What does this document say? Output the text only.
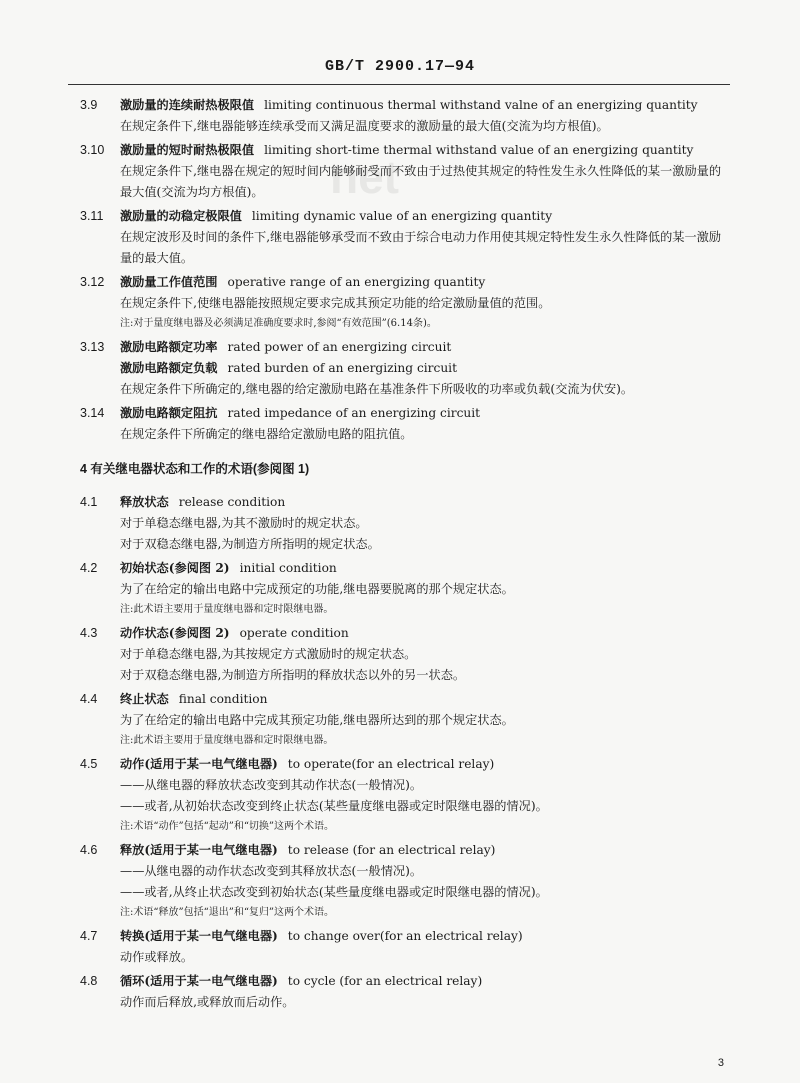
net
GB/T 2900.17—94
3.9	激励量的连续耐热极限值 limiting continuous thermal withstand valne of an energizing quantity
在规定条件下,继电器能够连续承受而又满足温度要求的激励量的最大值(交流为均方根值)。
3.10	激励量的短时耐热极限值 limiting short-time thermal withstand value of an energizing quantity
在规定条件下,继电器在规定的短时间内能够耐受而不致由于过热使其规定的特性发生永久性降低的某一激励量的最大值(交流为均方根值)。
3.11	激励量的动稳定极限值 limiting dynamic value of an energizing quantity
在规定波形及时间的条件下,继电器能够承受而不致由于综合电动力作用使其规定特性发生永久性降低的某一激励量的最大值。
3.12	激励量工作值范围 operative range of an energizing quantity
在规定条件下,使继电器能按照规定要求完成其预定功能的给定激励量值的范围。
注:对于量度继电器及必须满足准确度要求时,参阅“有效范围”(6.14条)。
3.13	激励电路额定功率 rated power of an energizing circuit
激励电路额定负载 rated burden of an energizing circuit
在规定条件下所确定的,继电器的给定激励电路在基准条件下所吸收的功率或负载(交流为伏安)。
3.14	激励电路额定阻抗 rated impedance of an energizing circuit
在规定条件下所确定的继电器给定激励电路的阻抗值。
4 有关继电器状态和工作的术语(参阅图 1)
4.1	释放状态 release condition
对于单稳态继电器,为其不激励时的规定状态。
对于双稳态继电器,为制造方所指明的规定状态。
4.2	初始状态(参阅图 2) initial condition
为了在给定的输出电路中完成预定的功能,继电器要脱离的那个规定状态。
注:此术语主要用于量度继电器和定时限继电器。
4.3	动作状态(参阅图 2) operate condition
对于单稳态继电器,为其按规定方式激励时的规定状态。
对于双稳态继电器,为制造方所指明的释放状态以外的另一状态。
4.4	终止状态 final condition
为了在给定的输出电路中完成其预定功能,继电器所达到的那个规定状态。
注:此术语主要用于量度继电器和定时限继电器。
4.5	动作(适用于某一电气继电器) to operate(for an electrical relay)
——从继电器的释放状态改变到其动作状态(一般情况)。
——或者,从初始状态改变到终止状态(某些量度继电器或定时限继电器的情况)。
注:术语“动作”包括“起动”和“切换”这两个术语。
4.6	释放(适用于某一电气继电器) to release (for an electrical relay)
——从继电器的动作状态改变到其释放状态(一般情况)。
——或者,从终止状态改变到初始状态(某些量度继电器或定时限继电器的情况)。
注:术语“释放”包括“退出”和“复归”这两个术语。
4.7	转换(适用于某一电气继电器) to change over(for an electrical relay)
动作或释放。
4.8	循环(适用于某一电气继电器) to cycle (for an electrical relay)
动作而后释放,或释放而后动作。
3
